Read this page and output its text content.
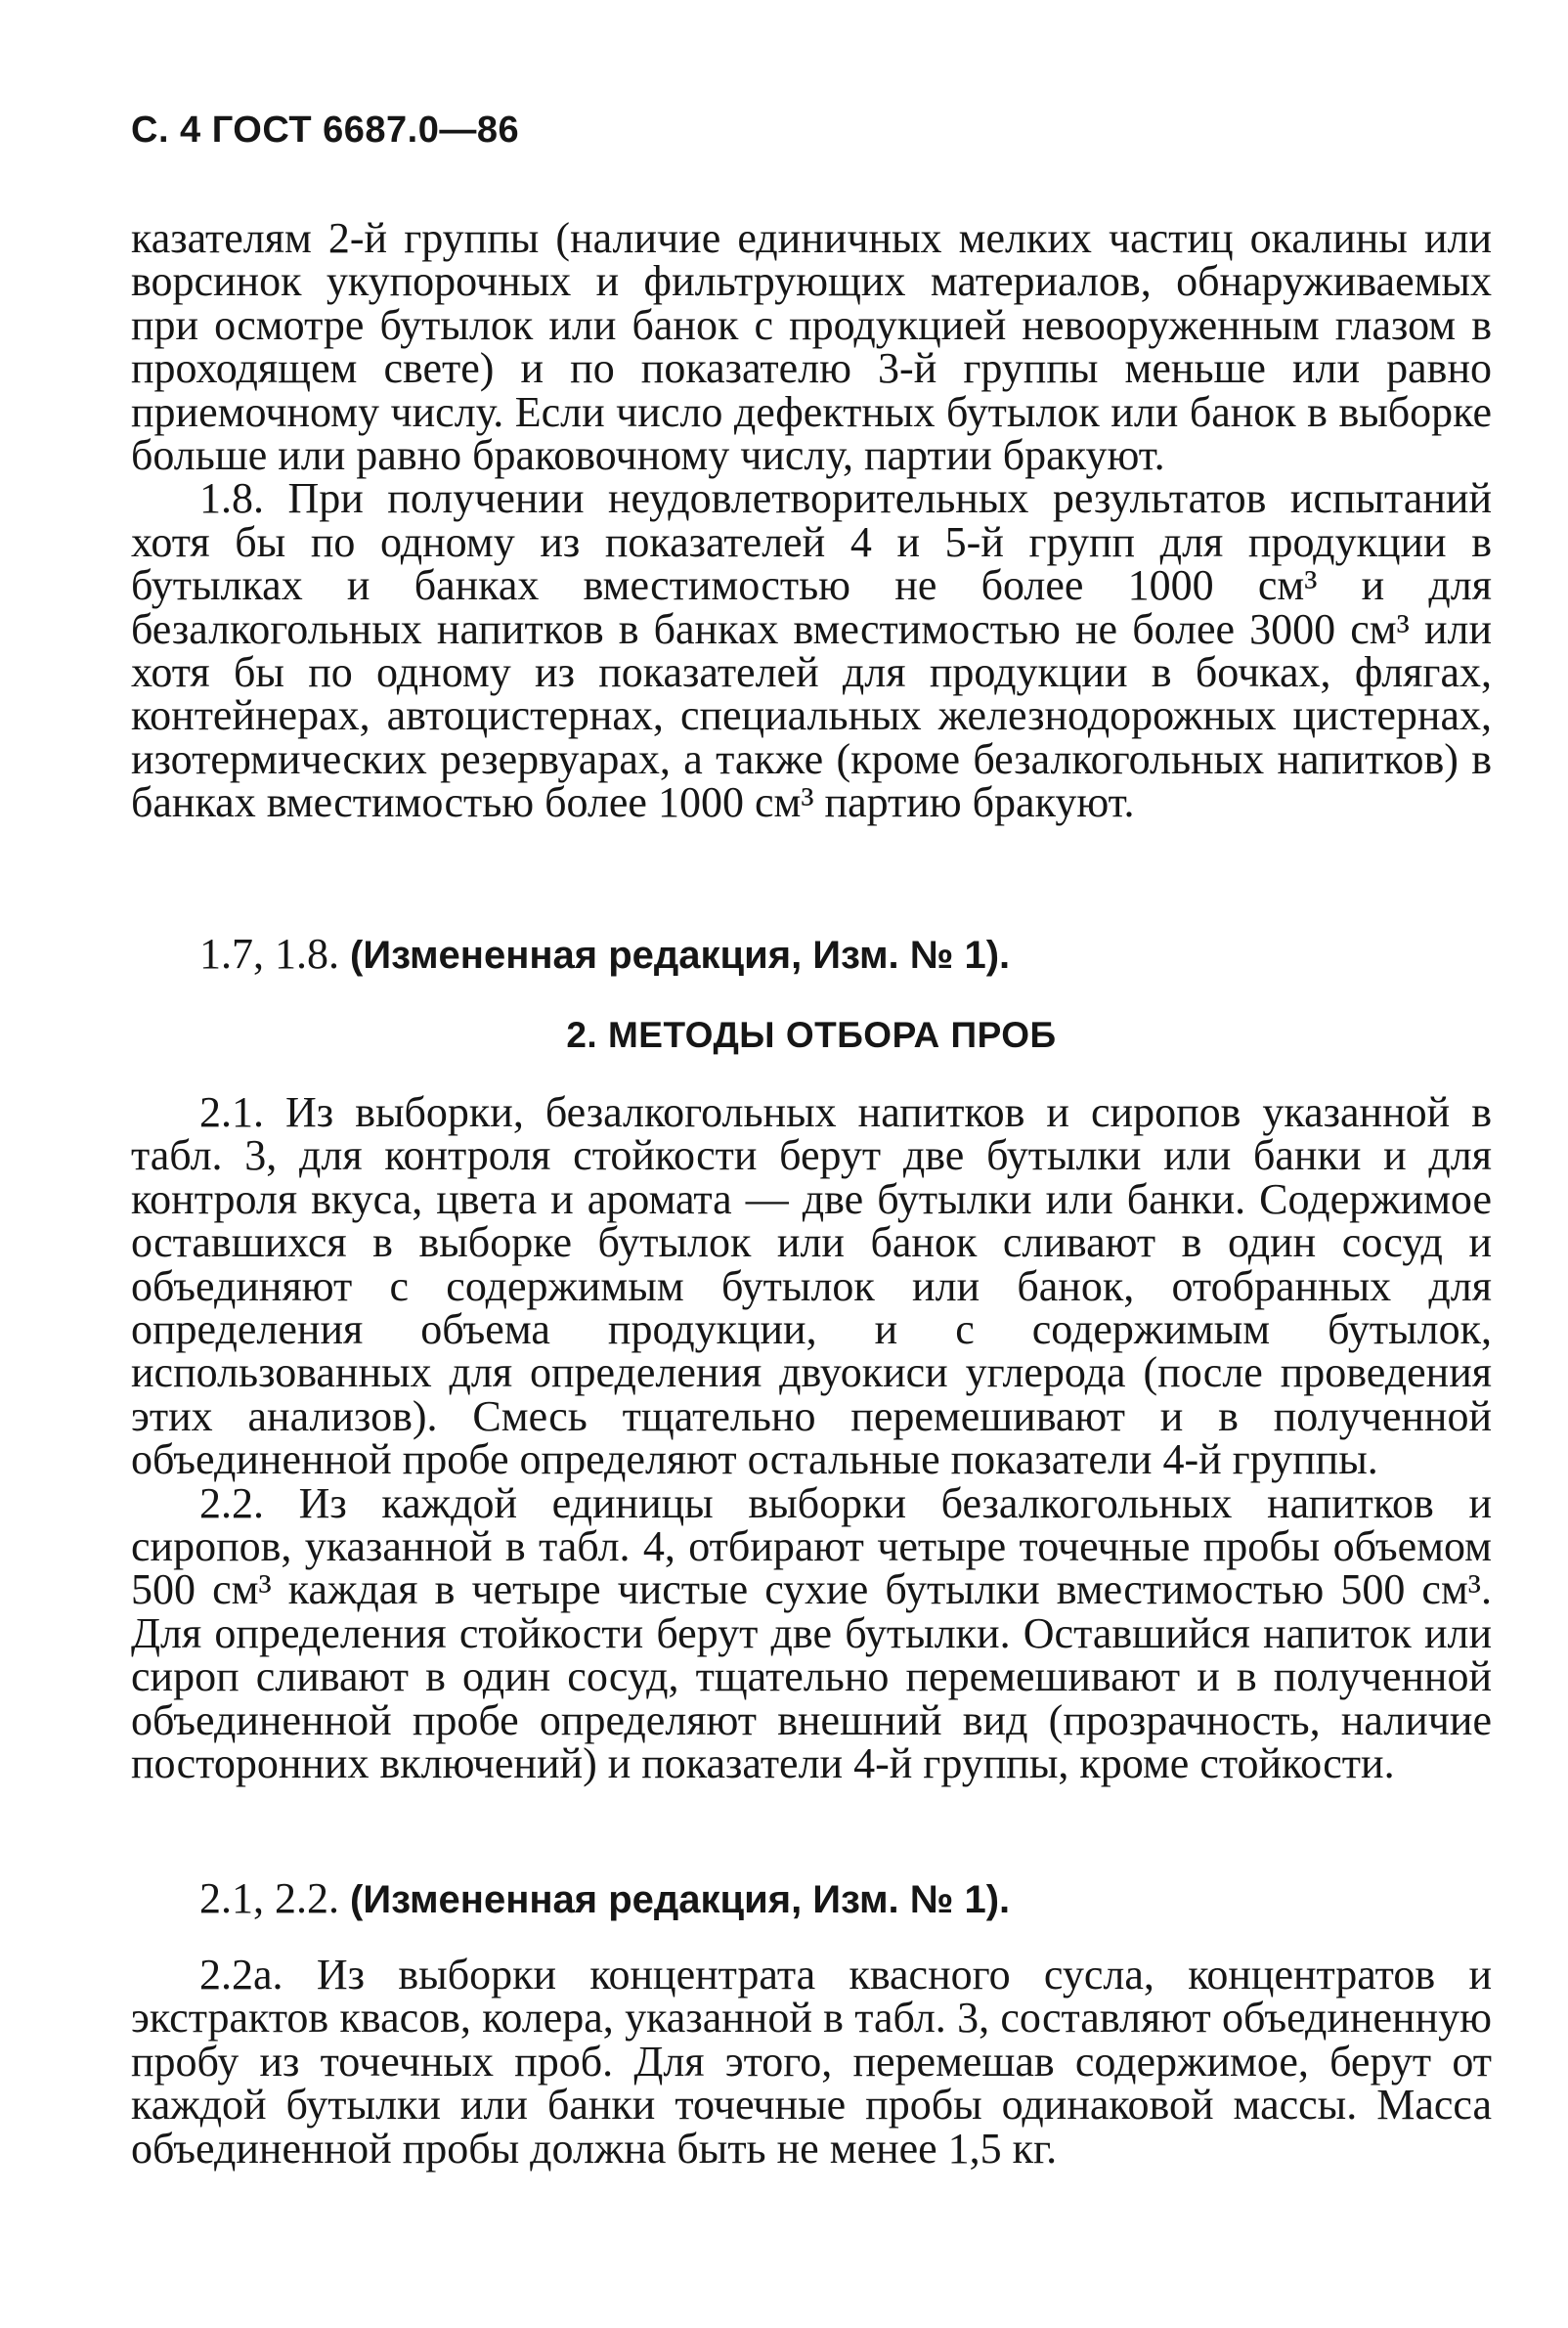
С. 4 ГОСТ 6687.0—86

казателям 2-й группы (наличие единичных мелких частиц окалины или ворсинок укупорочных и фильтрующих материалов, обнаруживаемых при осмотре бутылок или банок с продукцией невооруженным глазом в проходящем свете) и по показателю 3-й группы меньше или равно приемочному числу. Если число дефектных бутылок или банок в выборке больше или равно браковочному числу, партии бракуют.

1.8. При получении неудовлетворительных результатов испытаний хотя бы по одному из показателей 4 и 5-й групп для продукции в бутылках и банках вместимостью не более 1000 см³ и для безалкогольных напитков в банках вместимостью не более 3000 см³ или хотя бы по одному из показателей для продукции в бочках, флягах, контейнерах, автоцистернах, специальных железнодорожных цистернах, изотермических резервуарах, а также (кроме безалкогольных напитков) в банках вместимостью более 1000 см³ партию бракуют.

1.7, 1.8. (Измененная редакция, Изм. № 1).

2. МЕТОДЫ ОТБОРА ПРОБ

2.1. Из выборки, безалкогольных напитков и сиропов указанной в табл. 3, для контроля стойкости берут две бутылки или банки и для контроля вкуса, цвета и аромата — две бутылки или банки. Содержимое оставшихся в выборке бутылок или банок сливают в один сосуд и объединяют с содержимым бутылок или банок, отобранных для определения объема продукции, и с содержимым бутылок, использованных для определения двуокиси углерода (после проведения этих анализов). Смесь тщательно перемешивают и в полученной объединенной пробе определяют остальные показатели 4-й группы.

2.2. Из каждой единицы выборки безалкогольных напитков и сиропов, указанной в табл. 4, отбирают четыре точечные пробы объемом 500 см³ каждая в четыре чистые сухие бутылки вместимостью 500 см³. Для определения стойкости берут две бутылки. Оставшийся напиток или сироп сливают в один сосуд, тщательно перемешивают и в полученной объединенной пробе определяют внешний вид (прозрачность, наличие посторонних включений) и показатели 4-й группы, кроме стойкости.

2.1, 2.2. (Измененная редакция, Изм. № 1).

2.2а. Из выборки концентрата квасного сусла, концентратов и экстрактов квасов, колера, указанной в табл. 3, составляют объединенную пробу из точечных проб. Для этого, перемешав содержимое, берут от каждой бутылки или банки точечные пробы одинаковой массы. Масса объединенной пробы должна быть не менее 1,5 кг.
